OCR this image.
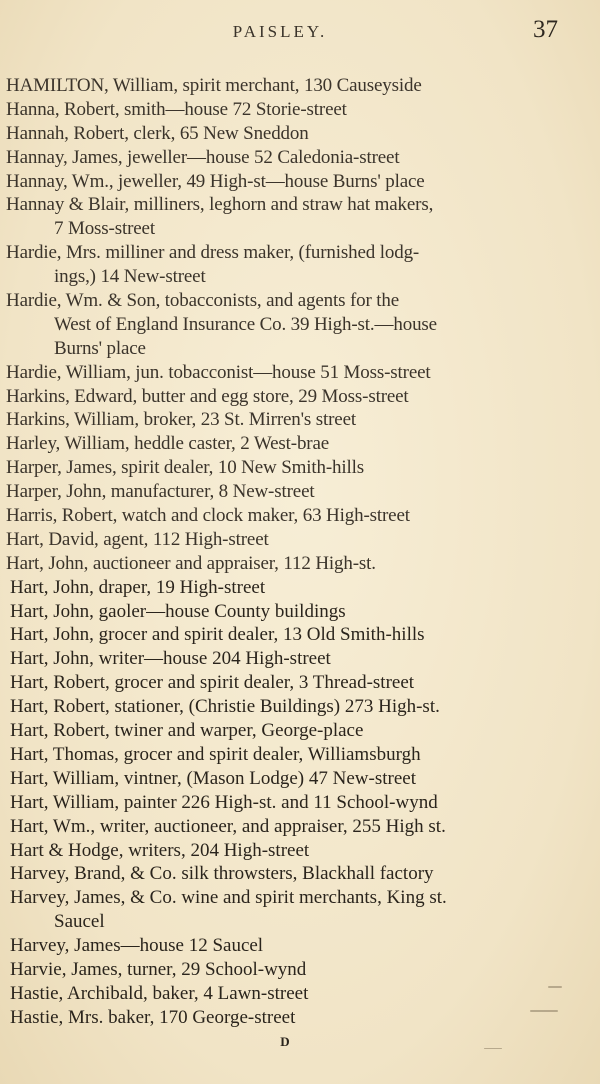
PAISLEY.	37
HAMILTON, William, spirit merchant, 130 Causeyside
Hanna, Robert, smith—house 72 Storie-street
Hannah, Robert, clerk, 65 New Sneddon
Hannay, James, jeweller—house 52 Caledonia-street
Hannay, Wm., jeweller, 49 High-st—house Burns' place
Hannay & Blair, milliners, leghorn and straw hat makers,
7 Moss-street
Hardie, Mrs. milliner and dress maker, (furnished lodg-
ings,) 14 New-street
Hardie, Wm. & Son, tobacconists, and agents for the
West of England Insurance Co. 39 High-st.—house
Burns' place
Hardie, William, jun. tobacconist—house 51 Moss-street
Harkins, Edward, butter and egg store, 29 Moss-street
Harkins, William, broker, 23 St. Mirren's street
Harley, William, heddle caster, 2 West-brae
Harper, James, spirit dealer, 10 New Smith-hills
Harper, John, manufacturer, 8 New-street
Harris, Robert, watch and clock maker, 63 High-street
Hart, David, agent, 112 High-street
Hart, John, auctioneer and appraiser, 112 High-st.
Hart, John, draper, 19 High-street
Hart, John, gaoler—house County buildings
Hart, John, grocer and spirit dealer, 13 Old Smith-hills
Hart, John, writer—house 204 High-street
Hart, Robert, grocer and spirit dealer, 3 Thread-street
Hart, Robert, stationer, (Christie Buildings) 273 High-st.
Hart, Robert, twiner and warper, George-place
Hart, Thomas, grocer and spirit dealer, Williamsburgh
Hart, William, vintner, (Mason Lodge) 47 New-street
Hart, William, painter 226 High-st. and 11 School-wynd
Hart, Wm., writer, auctioneer, and appraiser, 255 High st.
Hart & Hodge, writers, 204 High-street
Harvey, Brand, & Co. silk throwsters, Blackhall factory
Harvey, James, & Co. wine and spirit merchants, King st.
Saucel
Harvey, James—house 12 Saucel
Harvie, James, turner, 29 School-wynd
Hastie, Archibald, baker, 4 Lawn-street
Hastie, Mrs. baker, 170 George-street
D
